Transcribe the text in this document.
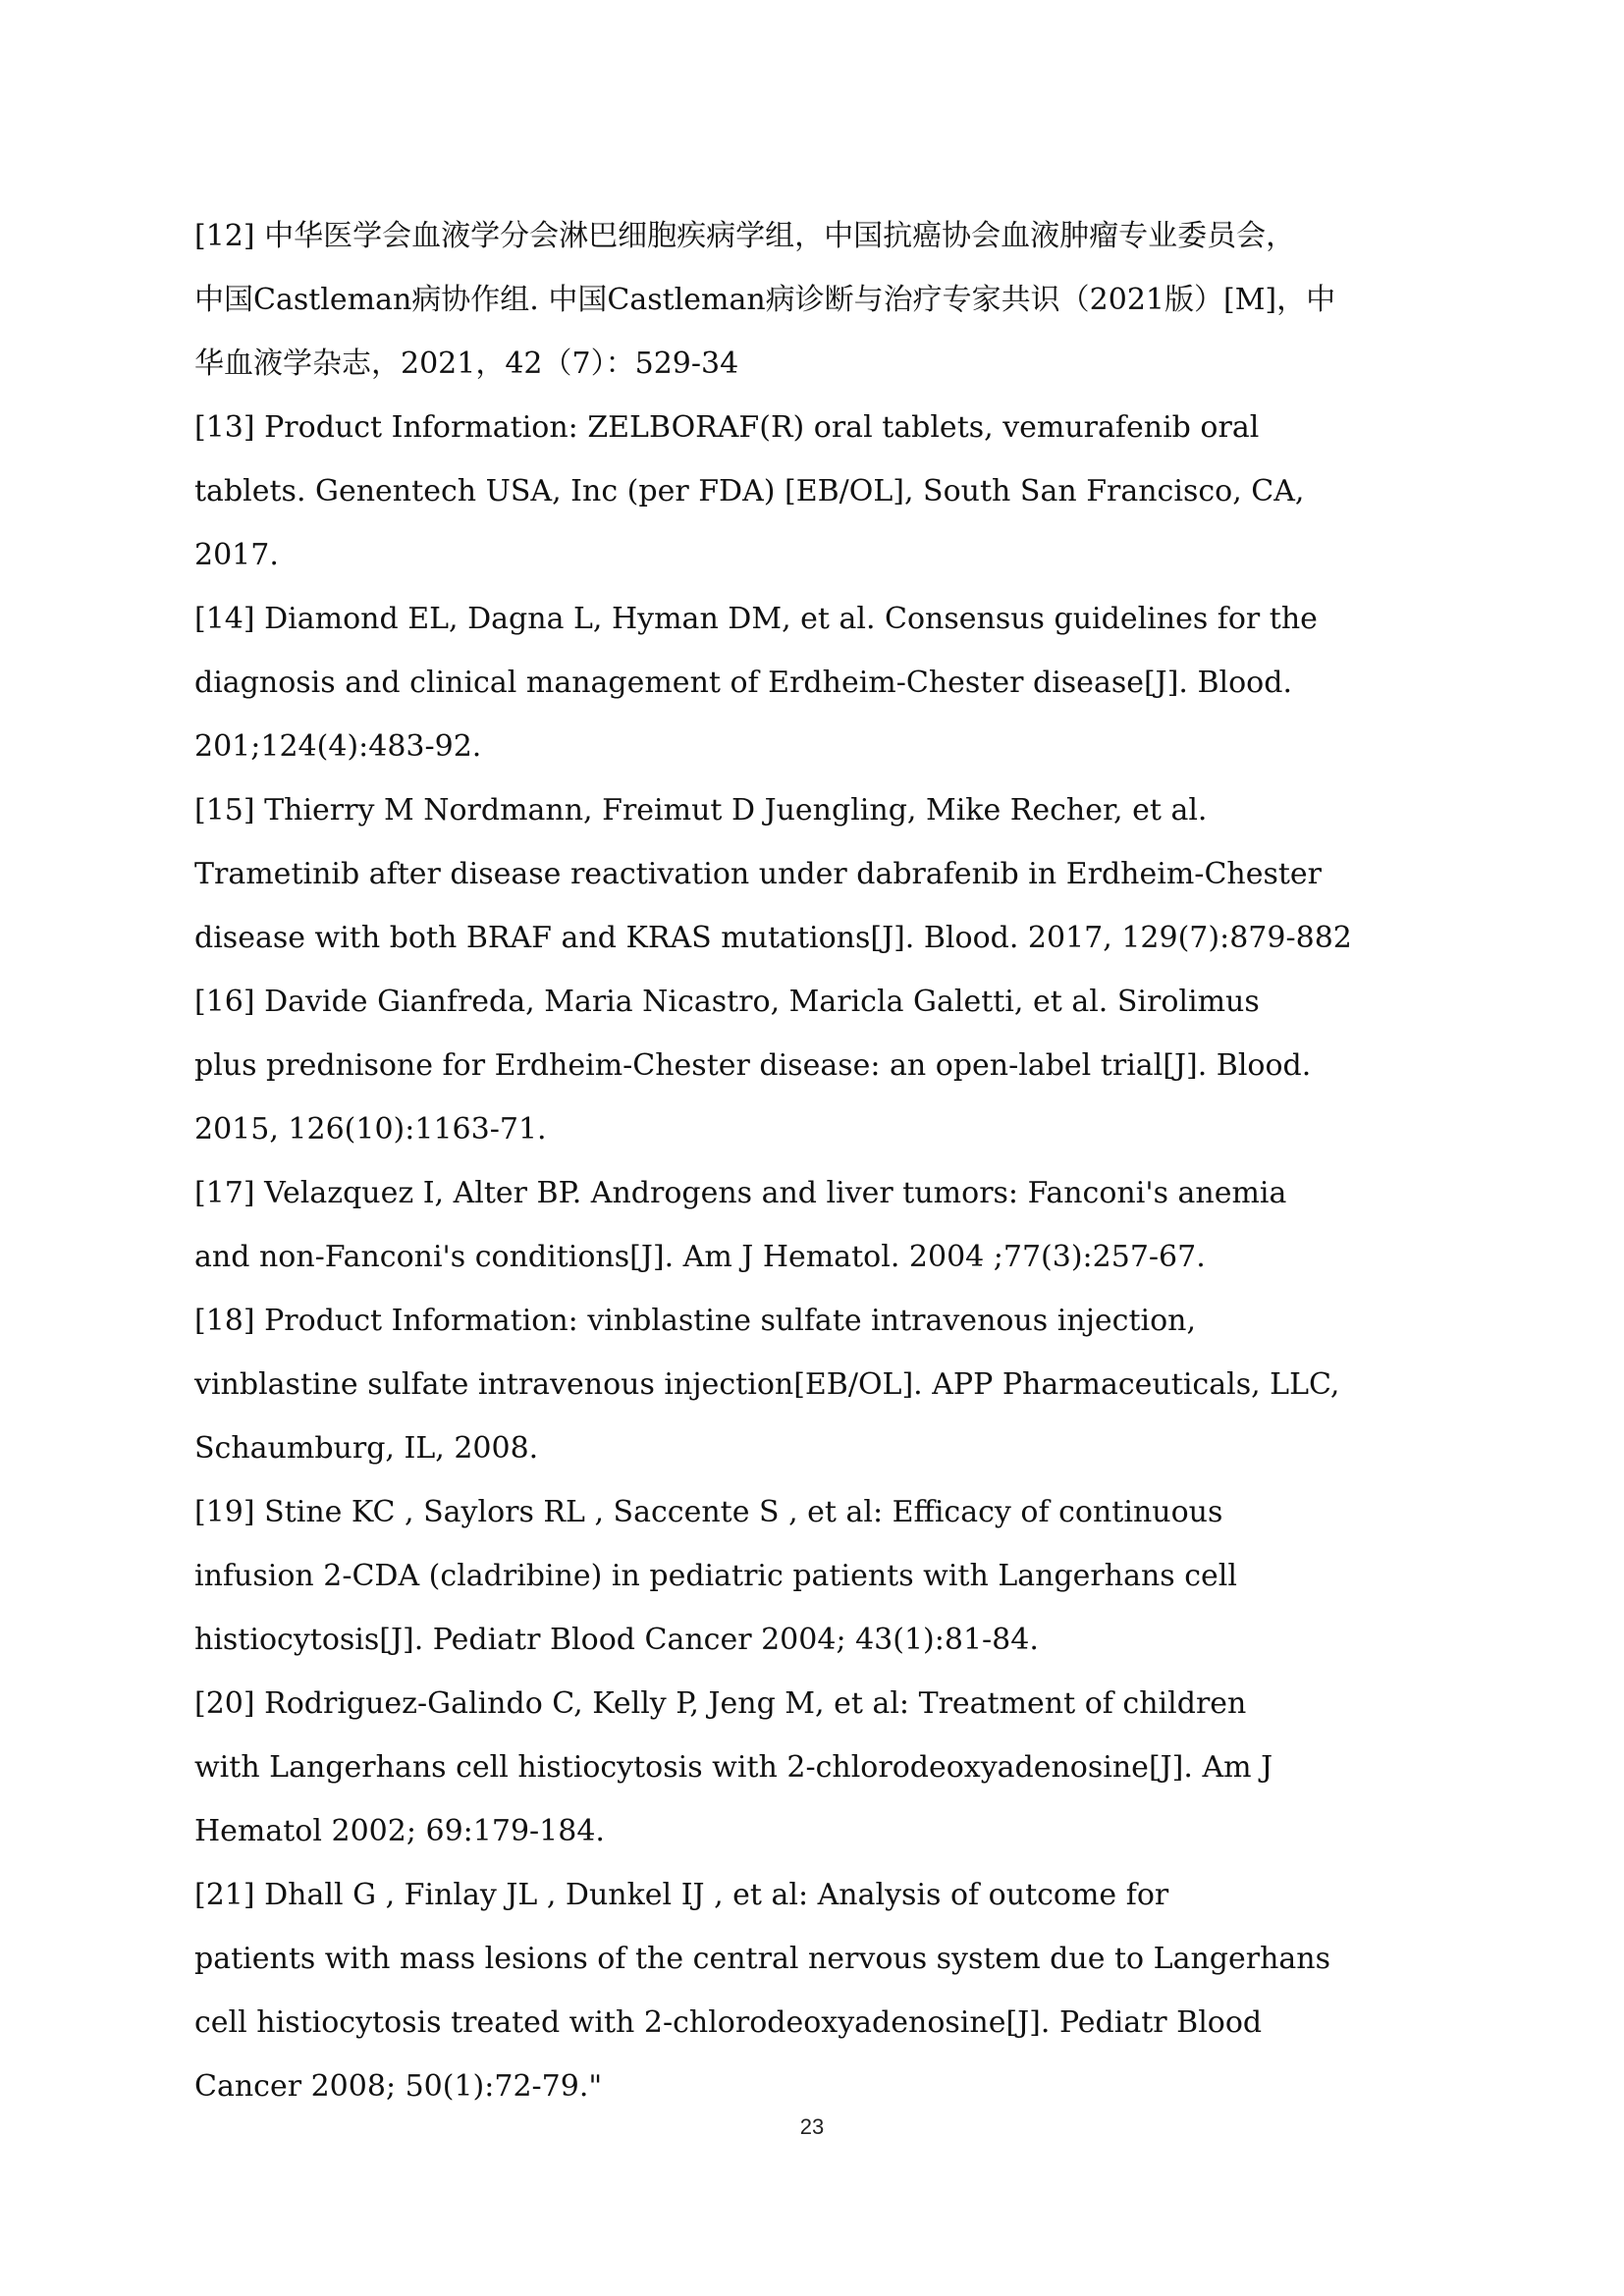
[12] 中华医学会血液学分会淋巴细胞疾病学组，中国抗癌协会血液肿瘤专业委员会，
中国Castleman病协作组. 中国Castleman病诊断与治疗专家共识（2021版）[M]，中
华血液学杂志，2021，42（7）：529-34
[13] Product Information: ZELBORAF(R) oral tablets, vemurafenib oral
tablets. Genentech USA, Inc (per FDA) [EB/OL], South San Francisco, CA,
2017.
[14] Diamond EL, Dagna L, Hyman DM, et al. Consensus guidelines for the
diagnosis and clinical management of Erdheim-Chester disease[J]. Blood.
201;124(4):483-92.
[15] Thierry M Nordmann, Freimut D Juengling, Mike Recher, et al.
Trametinib after disease reactivation under dabrafenib in Erdheim-Chester
disease with both BRAF and KRAS mutations[J]. Blood. 2017, 129(7):879-882
[16] Davide Gianfreda, Maria Nicastro, Maricla Galetti, et al. Sirolimus
plus prednisone for Erdheim-Chester disease: an open-label trial[J]. Blood.
2015, 126(10):1163-71.
[17] Velazquez I, Alter BP. Androgens and liver tumors: Fanconi's anemia
and non-Fanconi's conditions[J]. Am J Hematol. 2004 ;77(3):257-67.
[18] Product Information: vinblastine sulfate intravenous injection,
vinblastine sulfate intravenous injection[EB/OL]. APP Pharmaceuticals, LLC,
Schaumburg, IL, 2008.
[19] Stine KC , Saylors RL , Saccente S , et al: Efficacy of continuous
infusion 2-CDA (cladribine) in pediatric patients with Langerhans cell
histiocytosis[J]. Pediatr Blood Cancer 2004; 43(1):81-84.
[20] Rodriguez-Galindo C, Kelly P, Jeng M, et al: Treatment of children
with Langerhans cell histiocytosis with 2-chlorodeoxyadenosine[J]. Am J
Hematol 2002; 69:179-184.
[21] Dhall G , Finlay JL , Dunkel IJ , et al: Analysis of outcome for
patients with mass lesions of the central nervous system due to Langerhans
cell histiocytosis treated with 2-chlorodeoxyadenosine[J]. Pediatr Blood
Cancer 2008; 50(1):72-79."
23
